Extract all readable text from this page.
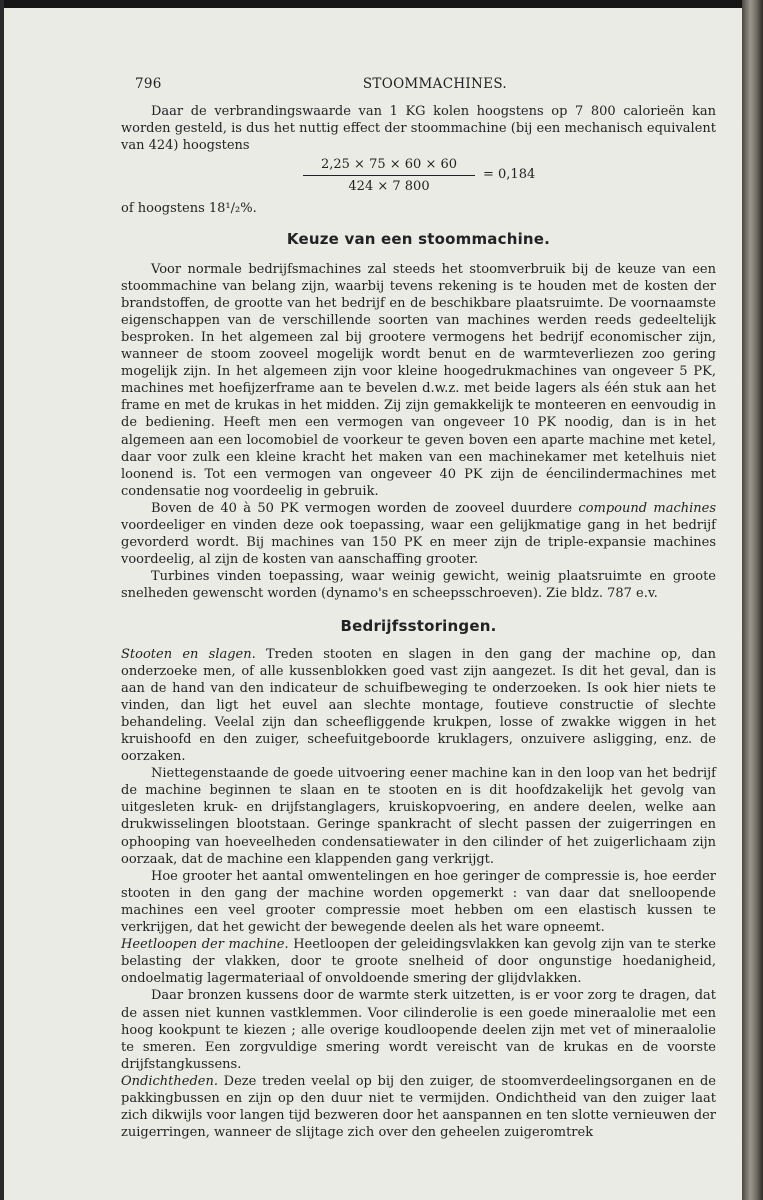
796	STOOMMACHINES.

Daar de verbrandingswaarde van 1 KG kolen hoogstens op 7 800 calorieën kan worden gesteld, is dus het nuttig effect der stoommachine (bij een mechanisch equivalent van 424) hoogstens

$\frac{2,25 \times 75 \times 60 \times 60}{424 \times 7 800} = 0,184$

of hoogstens 18¹/₂%.

Keuze van een stoommachine.

Voor normale bedrijfsmachines zal steeds het stoomverbruik bij de keuze van een stoommachine van belang zijn, waarbij tevens rekening is te houden met de kosten der brandstoffen, de grootte van het bedrijf en de beschikbare plaatsruimte. De voornaamste eigenschappen van de verschillende soorten van machines werden reeds gedeeltelijk besproken. In het algemeen zal bij grootere vermogens het bedrijf economischer zijn, wanneer de stoom zooveel mogelijk wordt benut en de warmteverliezen zoo gering mogelijk zijn. In het algemeen zijn voor kleine hoogedrukmachines van ongeveer 5 PK, machines met hoefijzerframe aan te bevelen d.w.z. met beide lagers als één stuk aan het frame en met de krukas in het midden. Zij zijn gemakkelijk te monteeren en eenvoudig in de bediening. Heeft men een vermogen van ongeveer 10 PK noodig, dan is in het algemeen aan een locomobiel de voorkeur te geven boven een aparte machine met ketel, daar voor zulk een kleine kracht het maken van een machinekamer met ketelhuis niet loonend is. Tot een vermogen van ongeveer 40 PK zijn de éencilindermachines met condensatie nog voordeelig in gebruik.

Boven de 40 à 50 PK vermogen worden de zooveel duurdere compound machines voordeeliger en vinden deze ook toepassing, waar een gelijkmatige gang in het bedrijf gevorderd wordt. Bij machines van 150 PK en meer zijn de triple-expansie machines voordeelig, al zijn de kosten van aanschaffing grooter.

Turbines vinden toepassing, waar weinig gewicht, weinig plaatsruimte en groote snelheden gewenscht worden (dynamo's en scheepsschroeven). Zie bldz. 787 e.v.

Bedrijfsstoringen.

Stooten en slagen. Treden stooten en slagen in den gang der machine op, dan onderzoeke men, of alle kussenblokken goed vast zijn aangezet. Is dit het geval, dan is aan de hand van den indicateur de schuifbeweging te onderzoeken. Is ook hier niets te vinden, dan ligt het euvel aan slechte montage, foutieve constructie of slechte behandeling. Veelal zijn dan scheefliggende krukpen, losse of zwakke wiggen in het kruishoofd en den zuiger, scheefuitgeboorde kruklagers, onzuivere asligging, enz. de oorzaken.

Niettegenstaande de goede uitvoering eener machine kan in den loop van het bedrijf de machine beginnen te slaan en te stooten en is dit hoofdzakelijk het gevolg van uitgesleten kruk- en drijfstanglagers, kruiskopvoering, en andere deelen, welke aan drukwisselingen blootstaan. Geringe spankracht of slecht passen der zuigerringen en ophooping van hoeveelheden condensatiewater in den cilinder of het zuigerlichaam zijn oorzaak, dat de machine een klappenden gang verkrijgt.

Hoe grooter het aantal omwentelingen en hoe geringer de compressie is, hoe eerder stooten in den gang der machine worden opgemerkt : van daar dat snelloopende machines een veel grooter compressie moet hebben om een elastisch kussen te verkrijgen, dat het gewicht der bewegende deelen als het ware opneemt.

Heetloopen der machine. Heetloopen der geleidingsvlakken kan gevolg zijn van te sterke belasting der vlakken, door te groote snelheid of door ongunstige hoedanigheid, ondoelmatig lagermateriaal of onvoldoende smering der glijdvlakken.

Daar bronzen kussens door de warmte sterk uitzetten, is er voor zorg te dragen, dat de assen niet kunnen vastklemmen. Voor cilinderolie is een goede mineraalolie met een hoog kookpunt te kiezen ; alle overige koudloopende deelen zijn met vet of mineraalolie te smeren. Een zorgvuldige smering wordt vereischt van de krukas en de voorste drijfstangkussens.

Ondichtheden. Deze treden veelal op bij den zuiger, de stoomverdeelingsorganen en de pakkingbussen en zijn op den duur niet te vermijden. Ondichtheid van den zuiger laat zich dikwijls voor langen tijd bezweren door het aanspannen en ten slotte vernieuwen der zuigerringen, wanneer de slijtage zich over den geheelen zuigeromtrek
